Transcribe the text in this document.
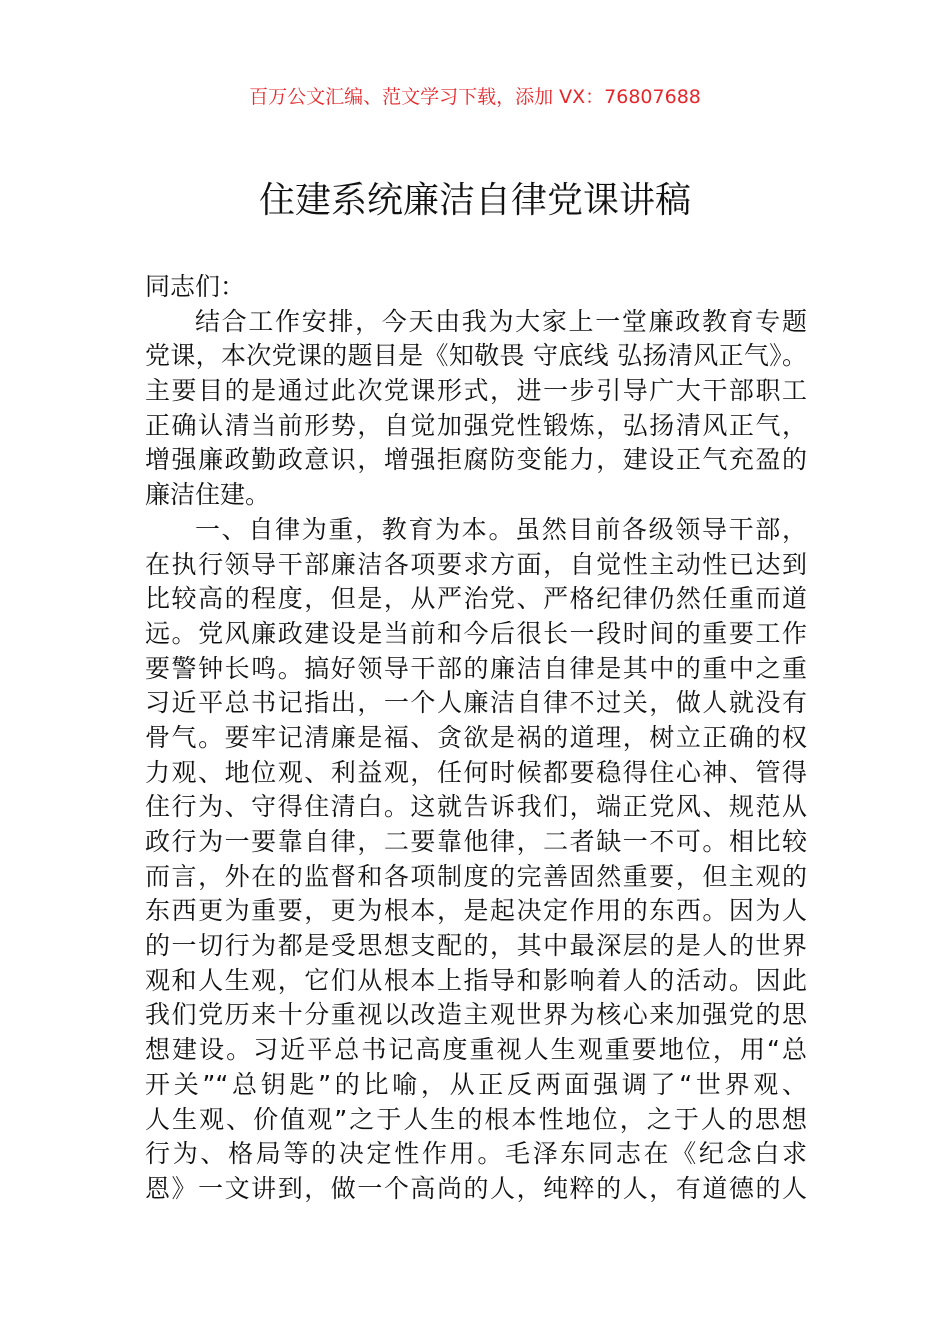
百万公文汇编、范文学习下载，添加 VX：76807688
住建系统廉洁自律党课讲稿
同志们：
结合工作安排，今天由我为大家上一堂廉政教育专题
党课，本次党课的题目是《知敬畏 守底线 弘扬清风正气》。
主要目的是通过此次党课形式，进一步引导广大干部职工
正确认清当前形势，自觉加强党性锻炼，弘扬清风正气，
增强廉政勤政意识，增强拒腐防变能力，建设正气充盈的
廉洁住建。
一、自律为重，教育为本。虽然目前各级领导干部，
在执行领导干部廉洁各项要求方面，自觉性主动性已达到
比较高的程度，但是，从严治党、严格纪律仍然任重而道
远。党风廉政建设是当前和今后很长一段时间的重要工作
要警钟长鸣。搞好领导干部的廉洁自律是其中的重中之重
习近平总书记指出，一个人廉洁自律不过关，做人就没有
骨气。要牢记清廉是福、贪欲是祸的道理，树立正确的权
力观、地位观、利益观，任何时候都要稳得住心神、管得
住行为、守得住清白。这就告诉我们，端正党风、规范从
政行为一要靠自律，二要靠他律，二者缺一不可。相比较
而言，外在的监督和各项制度的完善固然重要，但主观的
东西更为重要，更为根本，是起决定作用的东西。因为人
的一切行为都是受思想支配的，其中最深层的是人的世界
观和人生观，它们从根本上指导和影响着人的活动。因此
我们党历来十分重视以改造主观世界为核心来加强党的思
想建设。习近平总书记高度重视人生观重要地位，用“总
开关”“总钥匙”的比喻，从正反两面强调了“世界观、
人生观、价值观”之于人生的根本性地位，之于人的思想
行为、格局等的决定性作用。毛泽东同志在《纪念白求
恩》一文讲到，做一个高尚的人，纯粹的人，有道德的人
